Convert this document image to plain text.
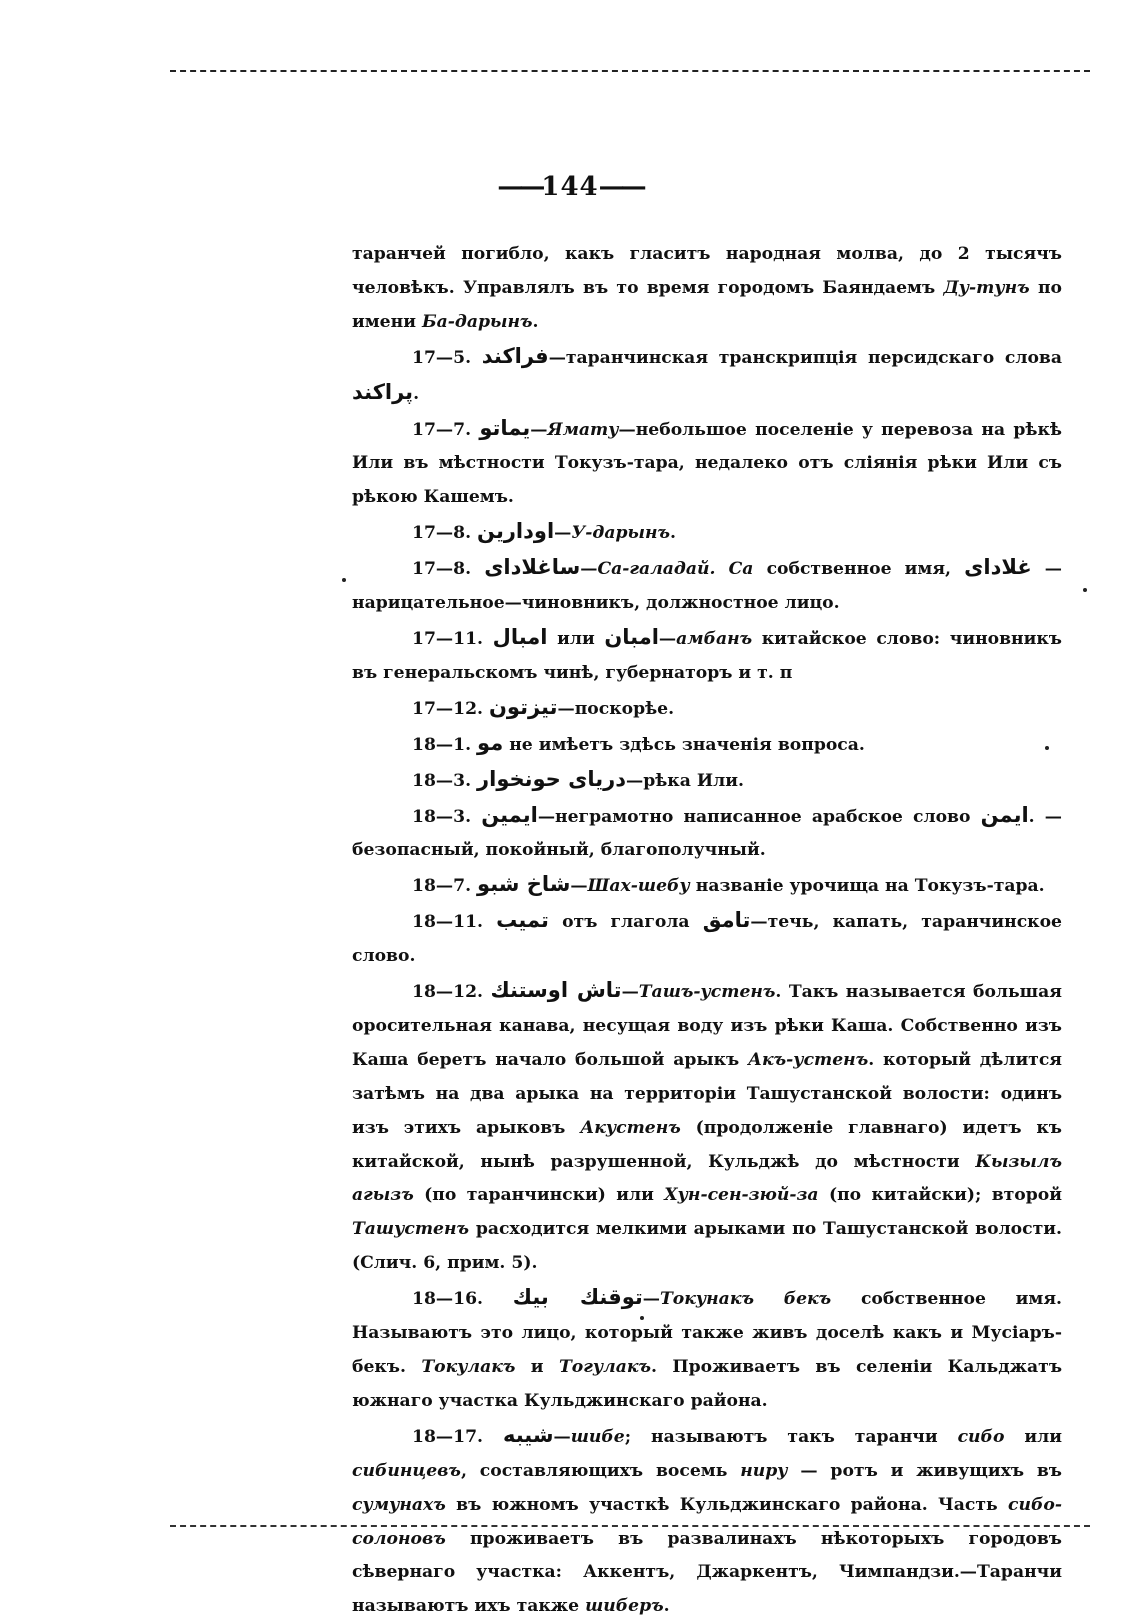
—— 144 ——

таранчей погибло, какъ гласитъ народная молва, до 2 тысячъ человѣкъ. Управлялъ въ то время городомъ Баяндаемъ Ду-тунъ по имени Ба-дарынъ.

17—5. فراكند—таранчинская транскрипція персидскаго слова پراكند.

17—7. يماتو—Ямату—небольшое поселеніе у перевоза на рѣкѣ Или въ мѣстности Токузъ-тара, недалеко отъ сліянія рѣки Или съ рѣкою Кашемъ.

17—8. اودارين—У-дарынъ.

17—8. ساغلادای—Са-галадай. Са собственное имя, غلادای — нарицательное—чиновникъ, должностное лицо.

17—11. امبال или امبان—амбанъ китайское слово: чиновникъ въ генеральскомъ чинѣ, губернаторъ и т. п

17—12. تيزتون—поскорѣе.

18—1. مو не имѣетъ здѣсь значенія вопроса.

18—3. دریای حونخوار—рѣка Или.

18—3. ايمين—неграмотно написанное арабское слово ايمن. — безопасный, покойный, благополучный.

18—7. شاخ شبو—Шах-шебу названіе урочища на Токузъ-тара.

18—11. تمیب отъ глагола تامق—течь, капать, таранчинское слово.

18—12. تاش اوستنك—Ташъ-устенъ. Такъ называется большая оросительная канава, несущая воду изъ рѣки Каша. Собственно изъ Каша беретъ начало большой арыкъ Акъ-устенъ. который дѣлится затѣмъ на два арыка на территоріи Ташустанской волости: одинъ изъ этихъ арыковъ Акустенъ (продолженіе главнаго) идетъ къ китайской, нынѣ разрушенной, Кульджѣ до мѣстности Кызылъ агызъ (по таранчински) или Хун-сен-зюй-за (по китайски); второй Ташустенъ расходится мелкими арыками по Ташустанской волости. (Слич. 6, прим. 5).

18—16. توقنك بيك—Токунакъ бекъ собственное имя. Называютъ это лицо, который также живъ доселѣ какъ и Мусіаръ-бекъ. Токулакъ и Тогулакъ. Проживаетъ въ селеніи Кальджатъ южнаго участка Кульджинскаго района.

18—17. شيبه—шибе; называютъ такъ таранчи сибо или сибинцевъ, составляющихъ восемь ниру — ротъ и живущихъ въ сумунахъ въ южномъ участкѣ Кульджинскаго района. Часть сибо-солоновъ проживаетъ въ развалинахъ нѣкоторыхъ городовъ сѣвернаго участка: Аккентъ, Джаркентъ, Чимпандзи.—Таранчи называютъ ихъ также шиберъ.
